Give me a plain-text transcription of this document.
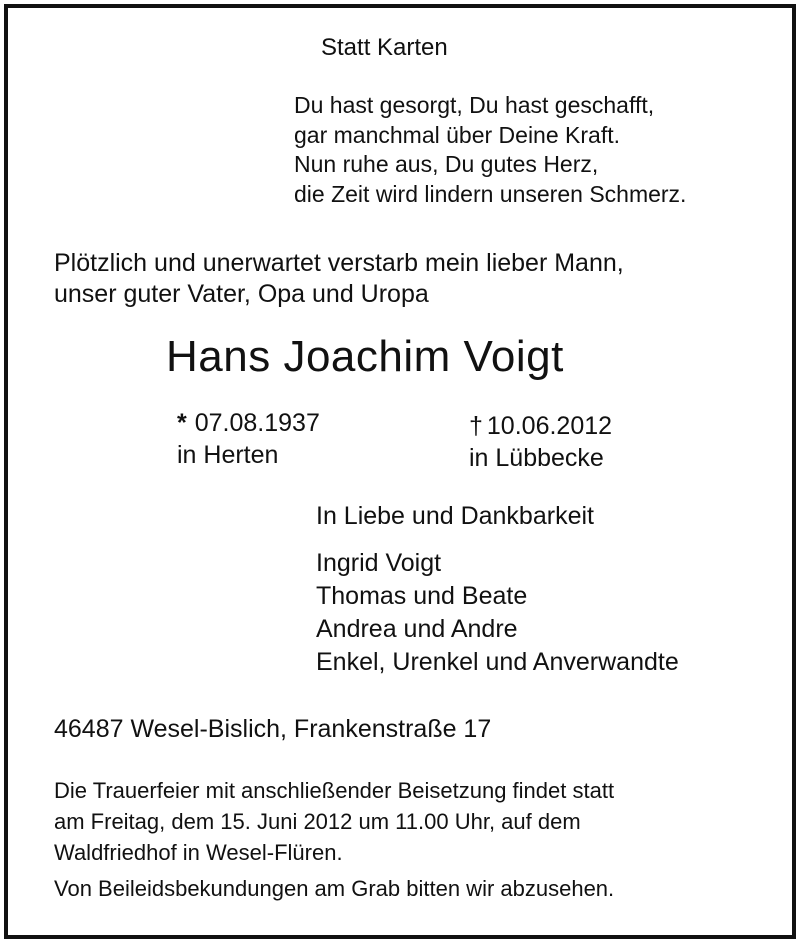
Statt Karten

Du hast gesorgt, Du hast geschafft,
gar manchmal über Deine Kraft.
Nun ruhe aus, Du gutes Herz,
die Zeit wird lindern unseren Schmerz.
Plötzlich und unerwartet verstarb mein lieber Mann,
unser guter Vater, Opa und Uropa
Hans Joachim Voigt
* 07.08.1937
in Herten
† 10.06.2012
in Lübbecke

In Liebe und Dankbarkeit

Ingrid Voigt
Thomas und Beate
Andrea und Andre
Enkel, Urenkel und Anverwandte

46487 Wesel-Bislich, Frankenstraße 17

Die Trauerfeier mit anschließender Beisetzung findet statt
am Freitag, dem 15. Juni 2012 um 11.00 Uhr, auf dem
Waldfriedhof in Wesel-Flüren.

Von Beileidsbekundungen am Grab bitten wir abzusehen.
